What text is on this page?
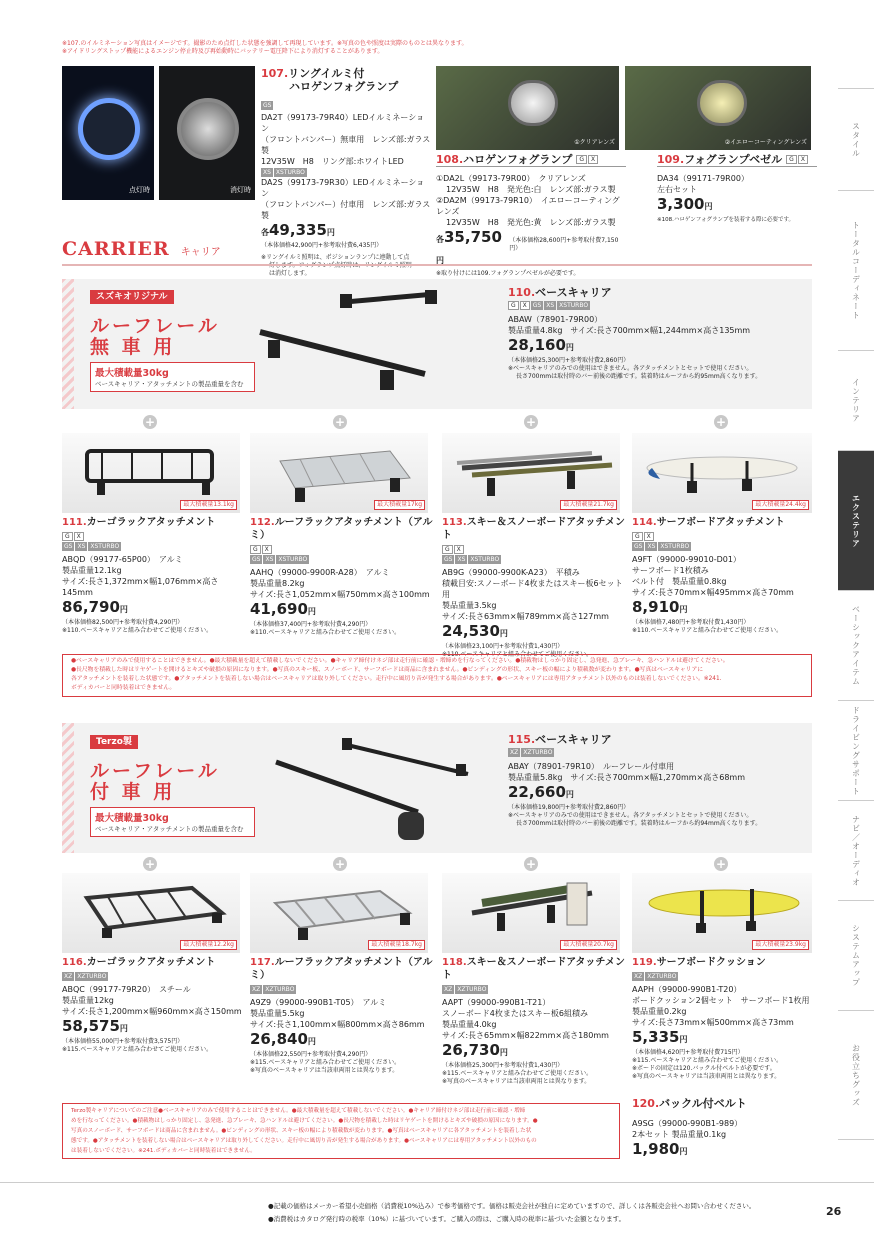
※107.のイルミネーション写真はイメージです。撮影のため点灯した状態を強調して再現しています。※写真の色や照度は実際のものとは異なります。
※アイドリングストップ機能によるエンジン停止時及び再始動時にバッテリー電圧降下により消灯することがあります。
点灯時	消灯時
107.リングイルミ付
ハロゲンフォグランプ
GS
DA2T（99173-79R40）LEDイルミネーション
（フロントバンパー）無車用　レンズ部:ガラス製
12V35W　H8　リング部:ホワイトLED
XS XSTURBO
DA2S（99173-79R30）LEDイルミネーション
（フロントバンパー）付車用　レンズ部:ガラス製
各49,335円
（本体価格42,900円+参考取付費6,435円）
※リングイルミ照明は、ポジションランプに連動して点
灯します。フォグランプ点灯時は、リングイルミ照明
は消灯します。
①クリアレンズ	②イエローコーティングレンズ
108.ハロゲンフォグランプ	G	X
①DA2L（99173-79R00）　クリアレンズ
12V35W　H8　発光色:白　レンズ部:ガラス製
②DA2M（99173-79R10）　イエローコーティングレンズ
12V35W　H8　発光色:黄　レンズ部:ガラス製
各35,750円
（本体価格28,600円+参考取付費7,150円）
※取り付けには109.フォグランプベゼルが必要です。
109.フォグランプベゼル	G	X
DA34（99171-79R00）
左右セット
3,300円
※108.ハロゲンフォグランプを装着する際に必要です。
CARRIER キャリア
スズキオリジナル
ルーフレール
無 車 用
最大積載量30kg
ベースキャリア・アタッチメントの製品重量を含む
110.ベースキャリア
G	X	GS XS XSTURBO
ABAW（78901-79R00）
製品重量4.8kg　サイズ:長さ700mm×幅1,244mm×高さ135mm
28,160円
（本体価格25,300円+参考取付費2,860円）
※ベースキャリアのみでの使用はできません。各アタッチメントとセットで使用ください。
長さ700mmは取付時のバー前後の距離です。装着時はルーフから約95mm高くなります。
+	+	+	+
最大積載量13.1kg	最大積載量17kg	最大積載量21.7kg	最大積載量24.4kg
111.カーゴラックアタッチメント
G	X
GS XS XSTURBO
ABQD（99177-65P00）　アルミ
製品重量12.1kg
サイズ:長さ1,372mm×幅1,076mm×高さ145mm
86,790円
（本体価格82,500円+参考取付費4,290円）
※110.ベースキャリアと組み合わせてご使用ください。
112.ルーフラックアタッチメント（アルミ）
G	X
GS XS XSTURBO
AAHQ（99000-9900R-A28）　アルミ
製品重量8.2kg
サイズ:長さ1,052mm×幅750mm×高さ100mm
41,690円
（本体価格37,400円+参考取付費4,290円）
※110.ベースキャリアと組み合わせてご使用ください。
113.スキー＆スノーボードアタッチメント
G	X
GS XS XSTURBO
AB9G（99000-9900K-A23）　平積み
積載目安:スノーボード4枚またはスキー板6セット用
製品重量3.5kg
サイズ:長さ63mm×幅789mm×高さ127mm
24,530円
（本体価格23,100円+参考取付費1,430円）
※110.ベースキャリアと組み合わせてご使用ください。
114.サーフボードアタッチメント
G	X
GS XS XSTURBO
A9FT（99000-99010-D01）
サーフボード1枚積み
ベルト付　製品重量0.8kg
サイズ:長さ70mm×幅495mm×高さ70mm
8,910円
（本体価格7,480円+参考取付費1,430円）
※110.ベースキャリアと組み合わせてご使用ください。
●ベースキャリアのみで使用することはできません。●最大積載量を超えて積載しないでください。●キャリア締付けネジ部は走行前に確認・増締めを行なってください。●積載物はしっかり固定し、急発進、急ブレーキ、急ハンドルは避けてください。
●長尺物を積載した時はリヤゲートを開けるとキズや破損の原因になります。●写真のスキー板、スノーボード、サーフボードは商品に含まれません。●ビンディングの形状、スキー板の幅により積載数が変わります。●写真はベースキャリアに
各アタッチメントを装着した状態です。●アタッチメントを装着しない場合はベースキャリアは取り外してください。走行中に風切り音が発生する場合があります。●ベースキャリアには専用アタッチメント以外のものは装着しないでください。※241.
ボディカバーと同時装着はできません。
Terzo製
ルーフレール
付 車 用
最大積載量30kg
ベースキャリア・アタッチメントの製品重量を含む
115.ベースキャリア
XZ XZTURBO
ABAY（78901-79R10）　ルーフレール付車用
製品重量5.8kg　サイズ:長さ700mm×幅1,270mm×高さ68mm
22,660円
（本体価格19,800円+参考取付費2,860円）
※ベースキャリアのみでの使用はできません。各アタッチメントとセットで使用ください。
長さ700mmは取付時のバー前後の距離です。装着時はルーフから約94mm高くなります。
+	+	+	+
最大積載量12.2kg	最大積載量18.7kg	最大積載量20.7kg	最大積載量23.9kg
116.カーゴラックアタッチメント
XZ XZTURBO
ABQC（99177-79R20）　スチール
製品重量12kg
サイズ:長さ1,200mm×幅960mm×高さ150mm
58,575円
（本体価格55,000円+参考取付費3,575円）
※115.ベースキャリアと組み合わせてご使用ください。
117.ルーフラックアタッチメント（アルミ）
XZ XZTURBO
A9Z9（99000-990B1-T05）　アルミ
製品重量5.5kg
サイズ:長さ1,100mm×幅800mm×高さ86mm
26,840円
（本体価格22,550円+参考取付費4,290円）
※115.ベースキャリアと組み合わせてご使用ください。
※写真のベースキャリアは当該車両用とは異なります。
118.スキー＆スノーボードアタッチメント
XZ XZTURBO
AAPT（99000-990B1-T21）
スノーボード4枚またはスキー板6組積み
製品重量4.0kg
サイズ:長さ65mm×幅822mm×高さ180mm
26,730円
（本体価格25,300円+参考取付費1,430円）
※115.ベースキャリアと組み合わせてご使用ください。
※写真のベースキャリアは当該車両用とは異なります。
119.サーフボードクッション
XZ XZTURBO
AAPH（99000-990B1-T20）
ボードクッション2個セット　サーフボード1枚用
製品重量0.2kg
サイズ:長さ73mm×幅500mm×高さ73mm
5,335円
（本体価格4,620円+参考取付費715円）
※115.ベースキャリアと組み合わせてご使用ください。
※ボードの固定は120.バックル付ベルトが必要です。
※写真のベースキャリアは当該車両用とは異なります。
Terzo製キャリアについてのご注意●ベースキャリアのみで使用することはできません。●最大積載量を超えて積載しないでください。●キャリア締付けネジ部は走行前に確認・増締
めを行なってください。●積載物はしっかり固定し、急発進、急ブレーキ、急ハンドルは避けてください。●長尺物を積載した時はリヤゲートを開けるとキズや破損の原因になります。●
写真のスノーボード、サーフボードは商品に含まれません。●ビンディングの形状、スキー板の幅により積載数が変わります。●写真はベースキャリアに各アタッチメントを装着した状
態です。●アタッチメントを装着しない場合はベースキャリアは取り外してください。走行中に風切り音が発生する場合があります。●ベースキャリアには専用アタッチメント以外のもの
は装着しないでください。※241.ボディカバーと同時装着はできません。
120.バックル付ベルト
A9SG（99000-990B1-989）
2本セット 製品重量0.1kg
1,980円
●記載の価格はメーカー希望小売価格（消費税10%込み）で参考価格です。価格は販売会社が独自に定めていますので、詳しくは各販売会社へお問い合わせください。
●消費税はカタログ発行時の税率（10%）に基づいています。ご購入の際は、ご購入時の税率に基づいた金額となります。
26
スタイル
トータルコーディネート
インテリア
エクステリア
ベーシックアイテム
ドライビングサポート
ナビ／オーディオ
システムアップ
お役立ちグッズ
